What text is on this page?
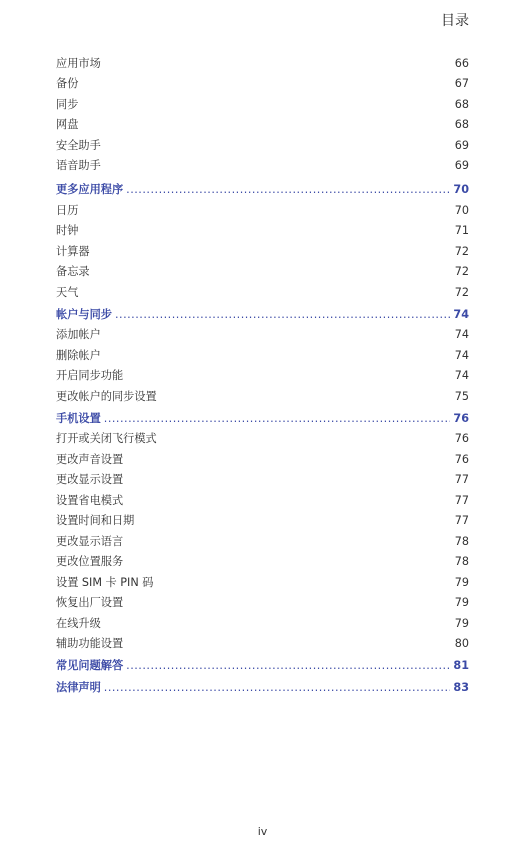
目录
应用市场	66
备份	67
同步	68
网盘	68
安全助手	69
语音助手	69
更多应用程序 .....	70
日历	70
时钟	71
计算器	72
备忘录	72
天气	72
帐户与同步 .....	74
添加帐户	74
删除帐户	74
开启同步功能	74
更改帐户的同步设置	75
手机设置 .....	76
打开或关闭飞行模式	76
更改声音设置	76
更改显示设置	77
设置省电模式	77
设置时间和日期	77
更改显示语言	78
更改位置服务	78
设置 SIM 卡 PIN 码	79
恢复出厂设置	79
在线升级	79
辅助功能设置	80
常见问题解答 .....	81
法律声明 .....	83
iv
